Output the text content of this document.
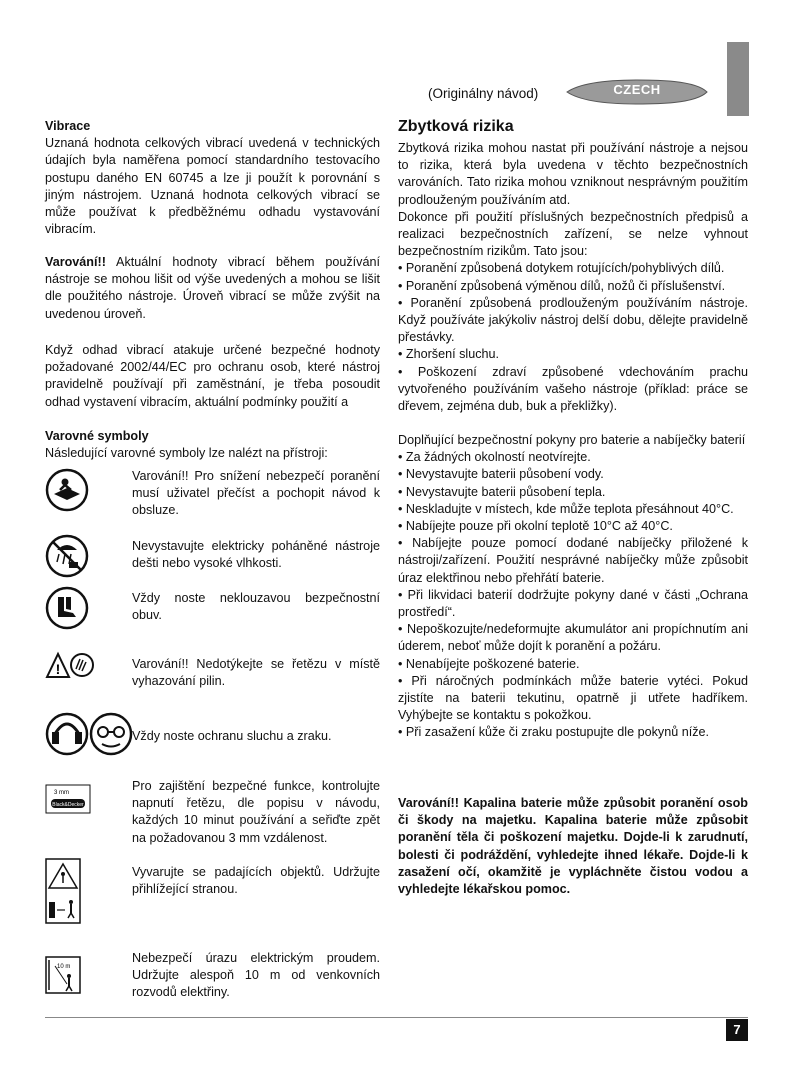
(Originálny návod)	CZECH

Vibrace

Uznaná hodnota celkových vibrací uvedená v technických údajích byla naměřena pomocí standardního testovacího postupu daného EN 60745 a lze ji použít k porovnání s jiným nástrojem. Uznaná hodnota celkových vibrací se může používat k předběžnému odhadu vystavování vibracím.

Varování!! Aktuální hodnoty vibrací během používání nástroje se mohou lišit od výše uvedených a mohou se lišit dle použitého nástroje. Úroveň vibrací se může zvýšit na uvedenou úroveň.

Když odhad vibrací atakuje určené bezpečné hodnoty požadované 2002/44/EC pro ochranu osob, které nástroj pravidelně používají při zaměstnání, je třeba posoudit odhad vystavení vibracím, aktuální podmínky použití a

Varovné symboly

Následující varovné symboly lze nalézt na přístroji:

Varování!! Pro snížení nebezpečí poranění musí uživatel přečíst a pochopit návod k obsluze.

Nevystavujte elektricky poháněné nástroje dešti nebo vysoké vlhkosti.

Vždy noste neklouzavou bezpečnostní obuv.

!	Varování!! Nedotýkejte se řetězu v místě vyhazování pilin.

Vždy noste ochranu sluchu a zraku.

3 mm
Black&Decker

Pro zajištění bezpečné funkce, kontrolujte napnutí řetězu, dle popisu v návodu, každých 10 minut používání a seřiďte zpět na požadovanou 3 mm vzdálenost.

Vyvarujte se padajících objektů. Udržujte přihlížející stranou.

10 m

Nebezpečí úrazu elektrickým proudem. Udržujte alespoň 10 m od venkovních rozvodů elektřiny.

Zbytková rizika

Zbytková rizika mohou nastat při používání nástroje a nejsou to rizika, která byla uvedena v těchto bezpečnostních varováních. Tato rizika mohou vzniknout nesprávným použitím prodlouženým používáním atd.

Dokonce při použití příslušných bezpečnostních předpisů a realizaci bezpečnostních zařízení, se nelze vyhnout bezpečnostním rizikům. Tato jsou:

• Poranění způsobená dotykem rotujících/pohyblivých dílů.
• Poranění způsobená výměnou dílů, nožů či příslušenství.
• Poranění způsobená prodlouženým používáním nástroje. Když používáte jakýkoliv nástroj delší dobu, dělejte pravidelně přestávky.
• Zhoršení sluchu.
• Poškození zdraví způsobené vdechováním prachu vytvořeného používáním vašeho nástroje (příklad: práce se dřevem, zejména dub, buk a překližky).

Doplňující bezpečnostní pokyny pro baterie a nabíječky baterií

• Za žádných okolností neotvírejte.
• Nevystavujte baterii působení vody.
• Nevystavujte baterii působení tepla.
• Neskladujte v místech, kde může teplota přesáhnout 40°C.
• Nabíjejte pouze při okolní teplotě 10°C až 40°C.
• Nabíjejte pouze pomocí dodané nabíječky přiložené k nástroji/zařízení. Použití nesprávné nabíječky může způsobit úraz elektřinou nebo přehřátí baterie.
• Při likvidaci baterií dodržujte pokyny dané v části „Ochrana prostředí“.
• Nepoškozujte/nedeformujte akumulátor ani propíchnutím ani úderem, neboť může dojít k poranění a požáru.
• Nenabíjejte poškozené baterie.
• Při náročných podmínkách může baterie vytéci. Pokud zjistíte na baterii tekutinu, opatrně ji utřete hadříkem. Vyhýbejte se kontaktu s pokožkou.
• Při zasažení kůže či zraku postupujte dle pokynů níže.

Varování!! Kapalina baterie může způsobit poranění osob či škody na majetku. Kapalina baterie může způsobit poranění těla či poškození majetku. Dojde-li k zarudnutí, bolesti či podráždění, vyhledejte ihned lékaře. Dojde-li k zasažení očí, okamžitě je vypláchněte čistou vodou a vyhledejte lékařskou pomoc.

7
